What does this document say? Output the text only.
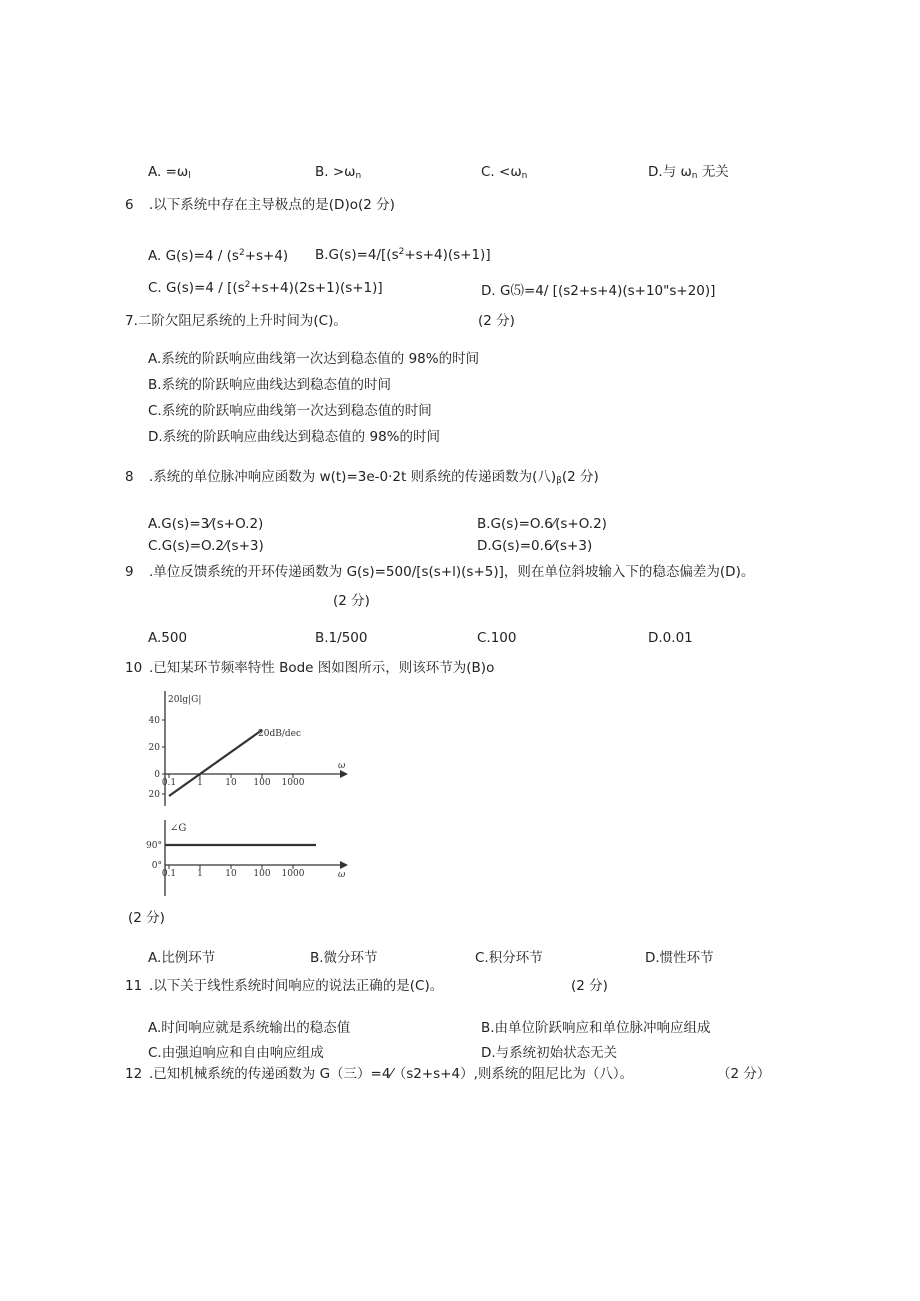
A. $=\omega_l$	B. $>\omega_n$	C. $<\omega_n$	D.与 $\omega_n$ 无关
6 .以下系统中存在主导极点的是(D)o(2 分)
A. $G(s)=4 / (s^2+s+4)$ $B.G(s)=4/[(s^2+s+4)(s+1)]$
C. $G(s)=4 / [(s^2+s+4)(2s+1)(s+1)]$	D. G⑸=4/ [(s2+s+4)(s+10"s+20)]
7.二阶欠阻尼系统的上升时间为(C)。	(2 分)
A.系统的阶跃响应曲线第一次达到稳态值的 98%的时间
B.系统的阶跃响应曲线达到稳态值的时间
C.系统的阶跃响应曲线第一次达到稳态值的时间
D.系统的阶跃响应曲线达到稳态值的 98%的时间
8 .系统的单位脉冲响应函数为 w(t)=3e-0·2t 则系统的传递函数为(八)$_\beta(2$ 分)
A.G(s)=3⁄(s+O.2)	B.G(s)=O.6⁄(s+O.2)
C.G(s)=O.2⁄(s+3)	D.G(s)=0.6⁄(s+3)
9 .单位反馈系统的开环传递函数为 G(s)=500/[s(s+l)(s+5)]，则在单位斜坡输入下的稳态偏差为(D)。
(2 分)
A.500	B.1/500	C.100	D.0.01
10 .已知某环节频率特性 Bode 图如图所示，则该环节为(B)o
20lg|G|
ω
20dB/dec
40
20
0
20
0.1 1 10 100 1000
∠G
ω
90°
0°
0.1 1 10 100 1000
(2 分)
A.比例环节	B.微分环节	C.积分环节	D.惯性环节
11 .以下关于线性系统时间响应的说法正确的是(C)。	(2 分)
A.时间响应就是系统输出的稳态值	B.由单位阶跃响应和单位脉冲响应组成
C.由强迫响应和自由响应组成	D.与系统初始状态无关
12 .已知机械系统的传递函数为 G（三）=4⁄（s2+s+4）,则系统的阻尼比为（八）。	（2 分）
